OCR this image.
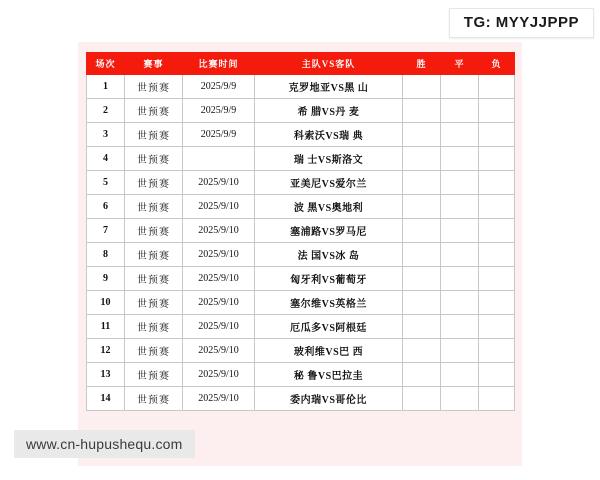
场次	赛事	比赛时间	主队VS客队	胜	平	负
1	世预赛	2025/9/9	克罗地亚VS黑 山			
2	世预赛	2025/9/9	希 腊VS丹 麦			
3	世预赛	2025/9/9	科索沃VS瑞 典			
4	世预赛		瑞 士VS斯洛文			
5	世预赛	2025/9/10	亚美尼VS爱尔兰			
6	世预赛	2025/9/10	波 黑VS奥地利			
7	世预赛	2025/9/10	塞浦路VS罗马尼			
8	世预赛	2025/9/10	法 国VS冰 岛			
9	世预赛	2025/9/10	匈牙利VS葡萄牙			
10	世预赛	2025/9/10	塞尔维VS英格兰			
11	世预赛	2025/9/10	厄瓜多VS阿根廷			
12	世预赛	2025/9/10	玻利维VS巴 西			
13	世预赛	2025/9/10	秘 鲁VS巴拉圭			
14	世预赛	2025/9/10	委内瑞VS哥伦比			
TG: MYYJJPPP
www.cn-hupushequ.com
